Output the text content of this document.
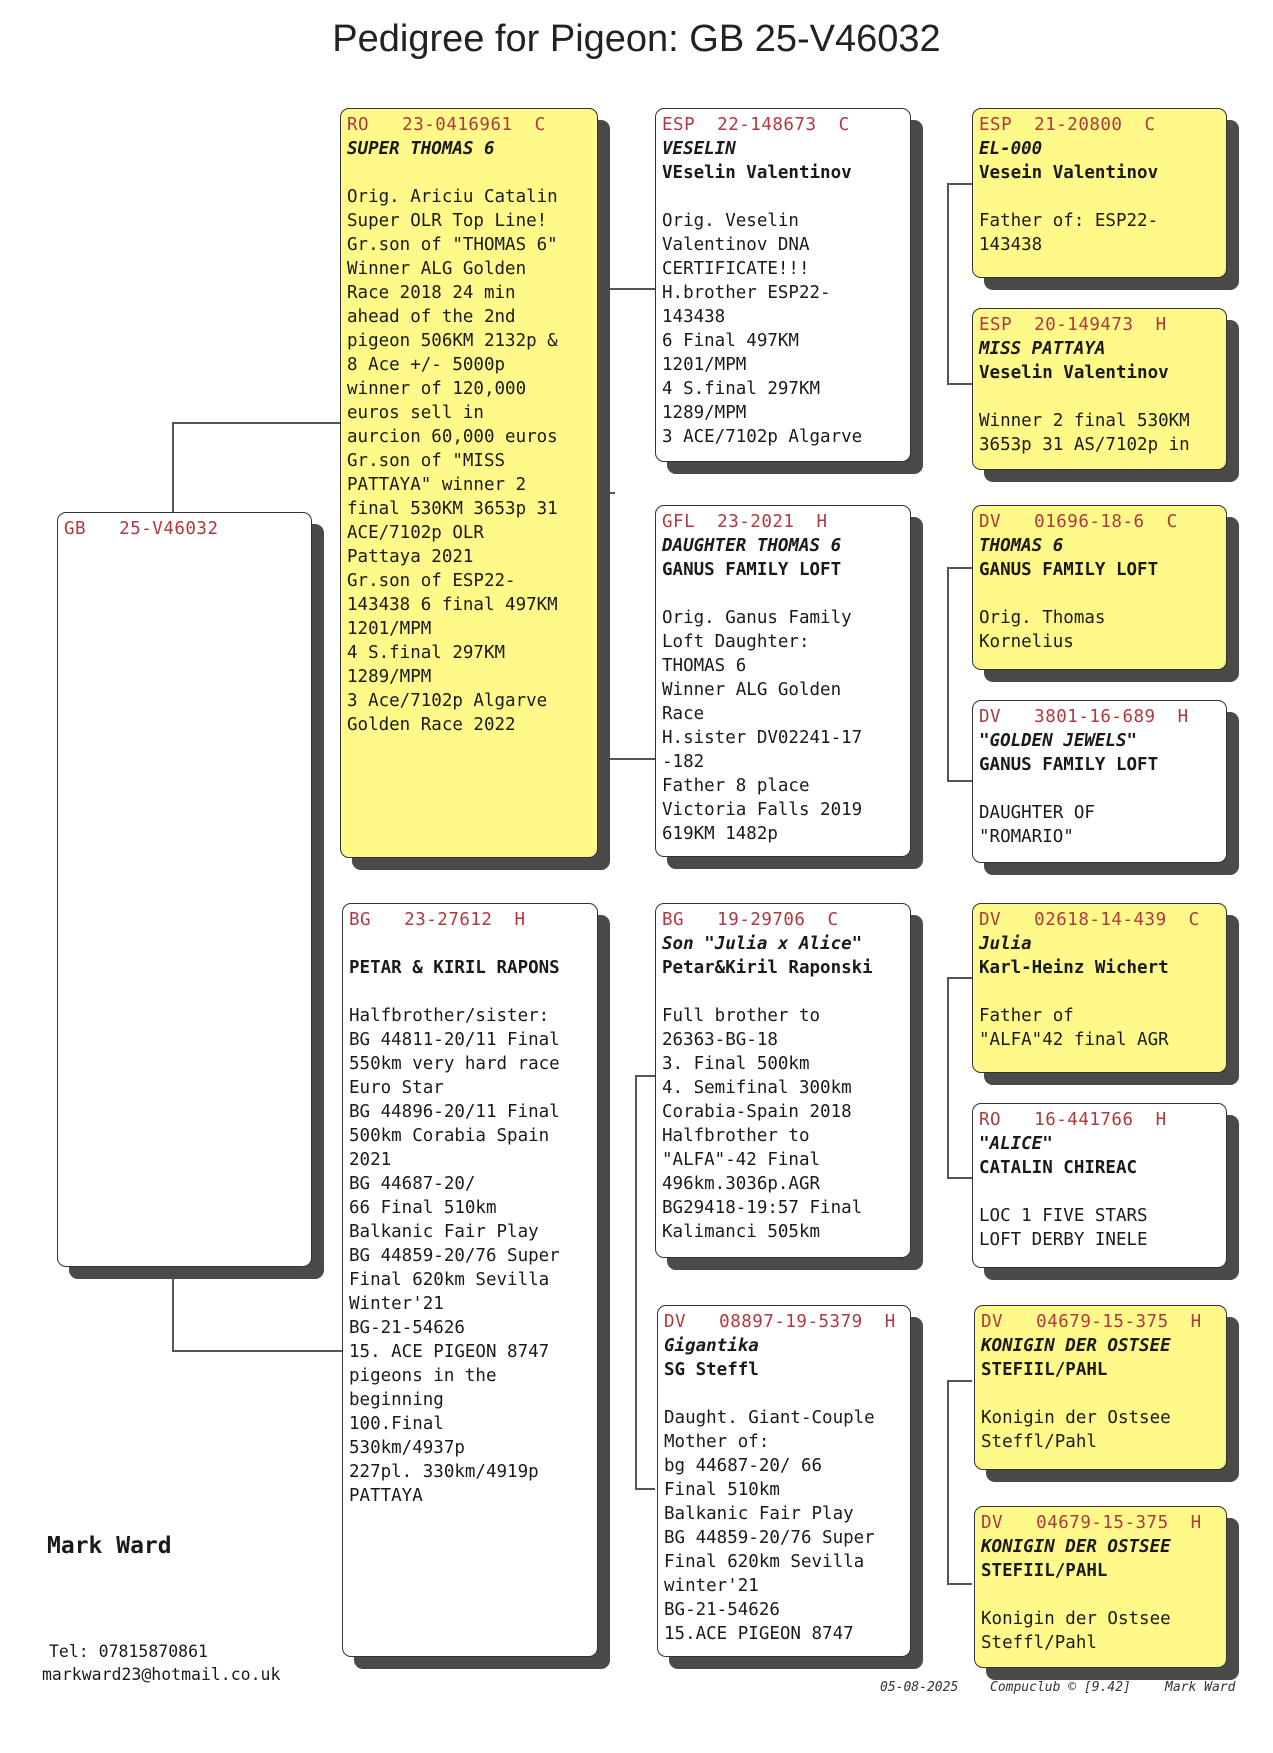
Pedigree for Pigeon: GB 25-V46032
GB   25-V46032
RO   23-0416961  C
SUPER THOMAS 6
Orig. Ariciu Catalin
Super OLR Top Line!
Gr.son of "THOMAS 6"
Winner ALG Golden
Race 2018 24 min
ahead of the 2nd
pigeon 506KM 2132p &
8 Ace +/- 5000p
winner of 120,000
euros sell in
aurcion 60,000 euros
Gr.son of "MISS
PATTAYA" winner 2
final 530KM 3653p 31
ACE/7102p OLR
Pattaya 2021
Gr.son of ESP22-
143438 6 final 497KM
1201/MPM
4 S.final 297KM
1289/MPM
3 Ace/7102p Algarve
Golden Race 2022
BG   23-27612  H
PETAR & KIRIL RAPONS
Halfbrother/sister:
BG 44811-20/11 Final
550km very hard race
Euro Star
BG 44896-20/11 Final
500km Corabia Spain
2021
BG 44687-20/
66 Final 510km
Balkanic Fair Play
BG 44859-20/76 Super
Final 620km Sevilla
Winter'21
BG-21-54626
15. ACE PIGEON 8747
pigeons in the
beginning
100.Final
530km/4937p
227pl. 330km/4919p
PATTAYA
ESP  22-148673  C
VESELIN
VEselin Valentinov
Orig. Veselin
Valentinov DNA
CERTIFICATE!!!
H.brother ESP22-
143438
6 Final 497KM
1201/MPM
4 S.final 297KM
1289/MPM
3 ACE/7102p Algarve
GFL  23-2021  H
DAUGHTER THOMAS 6
GANUS FAMILY LOFT
Orig. Ganus Family
Loft Daughter:
THOMAS 6
Winner ALG Golden
Race
H.sister DV02241-17
-182
Father 8 place
Victoria Falls 2019
619KM 1482p
BG   19-29706  C
Son "Julia x Alice"
Petar&Kiril Raponski
Full brother to
26363-BG-18
3. Final 500km
4. Semifinal 300km
Corabia-Spain 2018
Halfbrother to
"ALFA"-42 Final
496km.3036p.AGR
BG29418-19:57 Final
Kalimanci 505km
DV   08897-19-5379  H
Gigantika
SG Steffl
Daught. Giant-Couple
Mother of:
bg 44687-20/ 66
Final 510km
Balkanic Fair Play
BG 44859-20/76 Super
Final 620km Sevilla
winter'21
BG-21-54626
15.ACE PIGEON 8747
ESP  21-20800  C
EL-000
Vesein Valentinov
Father of: ESP22-
143438
ESP  20-149473  H
MISS PATTAYA
Veselin Valentinov
Winner 2 final 530KM
3653p 31 AS/7102p in
DV   01696-18-6  C
THOMAS 6
GANUS FAMILY LOFT
Orig. Thomas
Kornelius
DV   3801-16-689  H
"GOLDEN JEWELS"
GANUS FAMILY LOFT
DAUGHTER OF
"ROMARIO"
DV   02618-14-439  C
Julia
Karl-Heinz Wichert
Father of
"ALFA"42 final AGR
RO   16-441766  H
"ALICE"
CATALIN CHIREAC
LOC 1 FIVE STARS
LOFT DERBY INELE
DV   04679-15-375  H
KONIGIN DER OSTSEE
STEFIIL/PAHL
Konigin der Ostsee
Steffl/Pahl
DV   04679-15-375  H
KONIGIN DER OSTSEE
STEFIIL/PAHL
Konigin der Ostsee
Steffl/Pahl
Mark Ward
Tel: 07815870861
markward23@hotmail.co.uk
05-08-2025 Compuclub © [9.42]	Mark Ward
